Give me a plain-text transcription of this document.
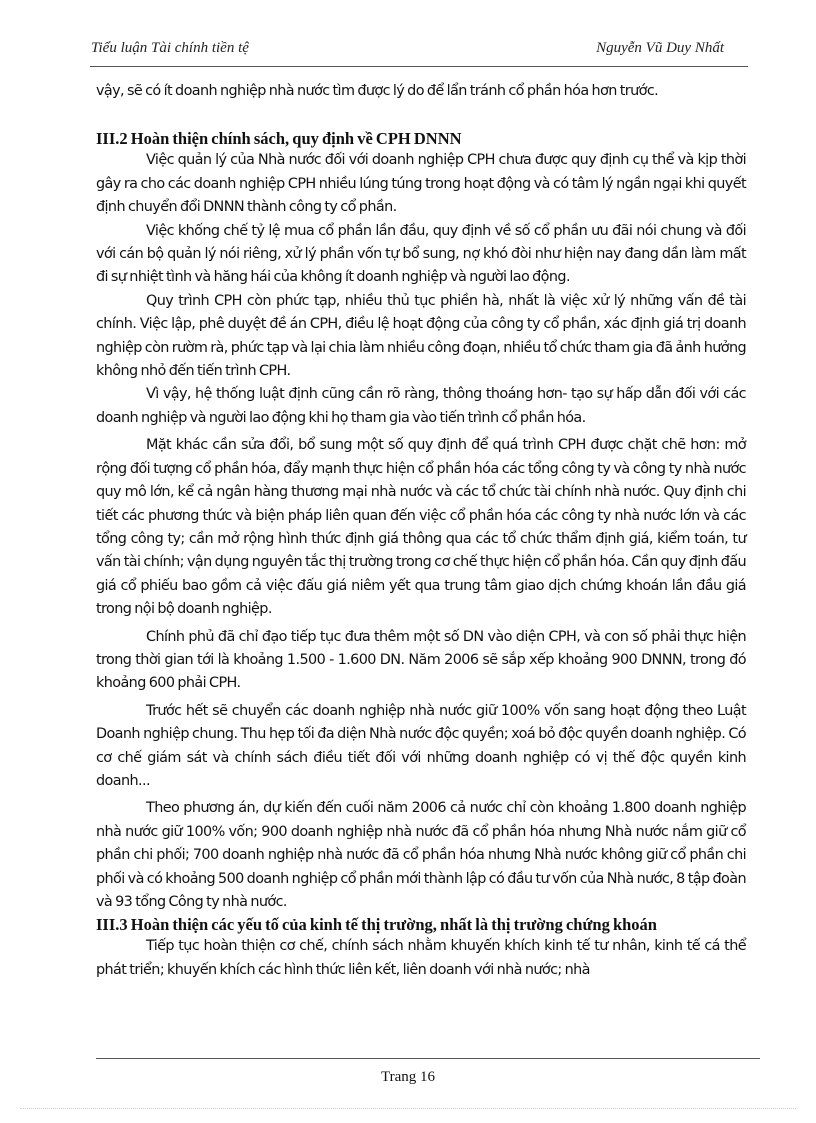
Tiểu luận Tài chính tiền tệ	Nguyễn Vũ Duy Nhất

vậy, sẽ có ít doanh nghiệp nhà nước tìm được lý do để lẩn tránh cổ phần hóa hơn trước.

III.2 Hoàn thiện chính sách, quy định về CPH DNNN

Việc quản lý của Nhà nước đối với doanh nghiệp CPH chưa được quy định cụ thể và kịp thời gây ra cho các doanh nghiệp CPH nhiều lúng túng trong hoạt động và có tâm lý ngần ngại khi quyết định chuyển đổi DNNN thành công ty cổ phần.

Việc khống chế tỷ lệ mua cổ phần lần đầu, quy định về số cổ phần ưu đãi nói chung và đối với cán bộ quản lý nói riêng, xử lý phần vốn tự bổ sung, nợ khó đòi như hiện nay đang dần làm mất đi sự nhiệt tình và hăng hái của không ít doanh nghiệp và người lao động.

Quy trình CPH còn phức tạp, nhiều thủ tục phiền hà, nhất là việc xử lý những vấn đề tài chính. Việc lập, phê duyệt đề án CPH, điều lệ hoạt động của công ty cổ phần, xác định giá trị doanh nghiệp còn rườm rà, phức tạp và lại chia làm nhiều công đoạn, nhiều tổ chức tham gia đã ảnh hưởng không nhỏ đến tiến trình CPH.

Vì vậy, hệ thống luật định cũng cần rõ ràng, thông thoáng hơn- tạo sự hấp dẫn đối với các doanh nghiệp và người lao động khi họ tham gia vào tiến trình cổ phần hóa.

Mặt khác cần sửa đổi, bổ sung một số quy định để quá trình CPH được chặt chẽ hơn: mở rộng đối tượng cổ phần hóa, đẩy mạnh thực hiện cổ phần hóa các tổng công ty và công ty nhà nước quy mô lớn, kể cả ngân hàng thương mại nhà nước và các tổ chức tài chính nhà nước. Quy định chi tiết các phương thức và biện pháp liên quan đến việc cổ phần hóa các công ty nhà nước lớn và các tổng công ty; cần mở rộng hình thức định giá thông qua các tổ chức thẩm định giá, kiểm toán, tư vấn tài chính; vận dụng nguyên tắc thị trường trong cơ chế thực hiện cổ phần hóa. Cần quy định đấu giá cổ phiếu bao gồm cả việc đấu giá niêm yết qua trung tâm giao dịch chứng khoán lần đầu giá trong nội bộ doanh nghiệp.

Chính phủ đã chỉ đạo tiếp tục đưa thêm một số DN vào diện CPH, và con số phải thực hiện trong thời gian tới là khoảng 1.500 - 1.600 DN. Năm 2006 sẽ sắp xếp khoảng 900 DNNN, trong đó khoảng 600 phải CPH.

Trước hết sẽ chuyển các doanh nghiệp nhà nước giữ 100% vốn sang hoạt động theo Luật Doanh nghiệp chung. Thu hẹp tối đa diện Nhà nước độc quyền; xoá bỏ độc quyền doanh nghiệp. Có cơ chế giám sát và chính sách điều tiết đối với những doanh nghiệp có vị thế độc quyền kinh doanh...

Theo phương án, dự kiến đến cuối năm 2006 cả nước chỉ còn khoảng 1.800 doanh nghiệp nhà nước giữ 100% vốn; 900 doanh nghiệp nhà nước đã cổ phần hóa nhưng Nhà nước nắm giữ cổ phần chi phối; 700 doanh nghiệp nhà nước đã cổ phần hóa nhưng Nhà nước không giữ cổ phần chi phối và có khoảng 500 doanh nghiệp cổ phần mới thành lập có đầu tư vốn của Nhà nước, 8 tập đoàn và 93 tổng Công ty nhà nước.

III.3 Hoàn thiện các yếu tố của kinh tế thị trường, nhất là thị trường chứng khoán

Tiếp tục hoàn thiện cơ chế, chính sách nhằm khuyến khích kinh tế tư nhân, kinh tế cá thể phát triển; khuyến khích các hình thức liên kết, liên doanh với nhà nước; nhà

Trang 16
